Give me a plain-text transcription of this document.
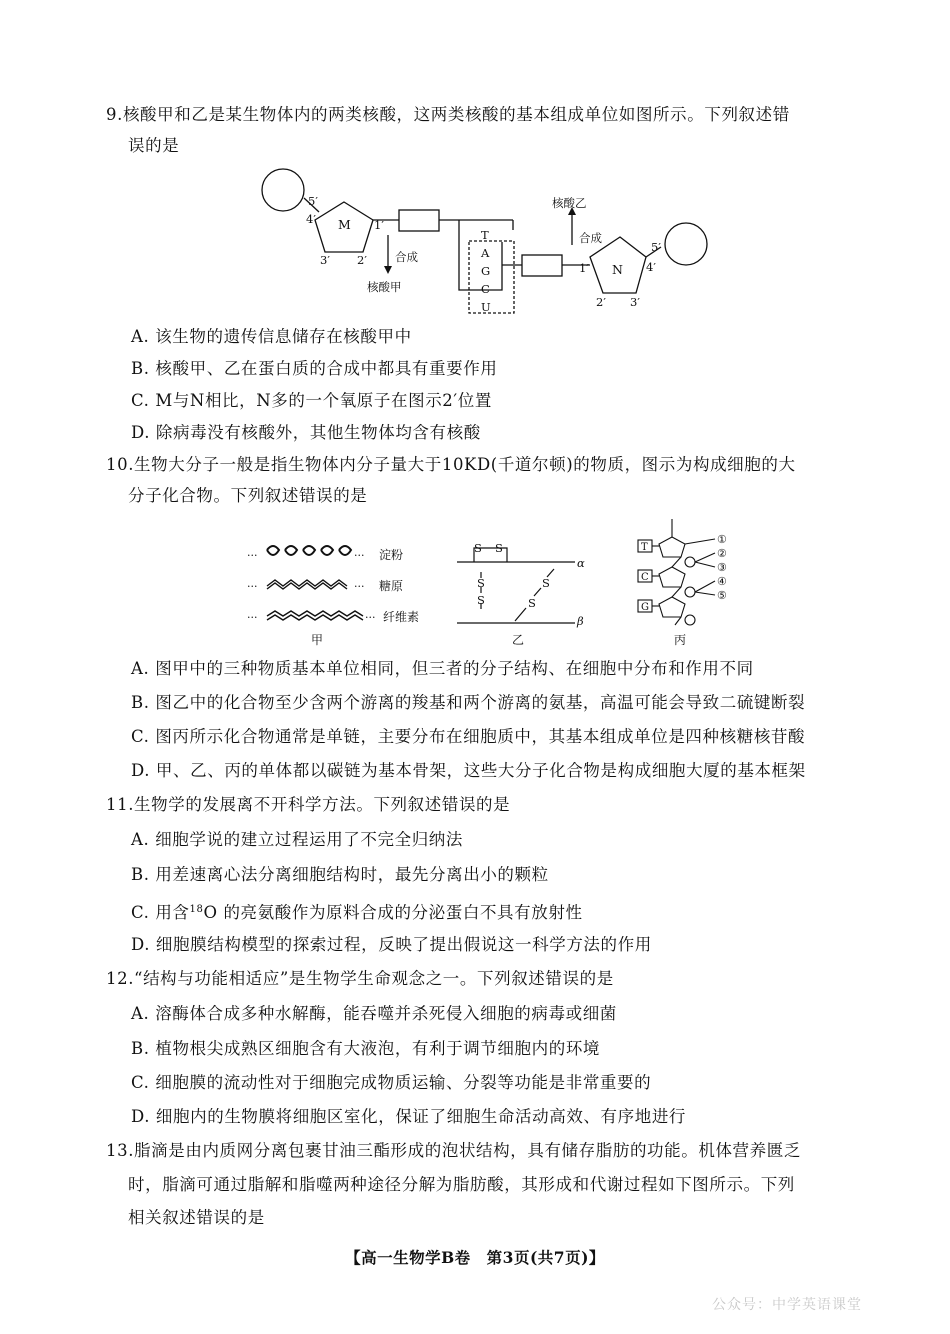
9.核酸甲和乙是某生物体内的两类核酸，这两类核酸的基本组成单位如图所示。下列叙述错
误的是
5′
4′ M 1′
3′ 2′ 合成
核酸甲
T
A
G
C
U
核酸乙
合成
5′
1′ N 4′
2′ 3′
A. 该生物的遗传信息储存在核酸甲中
B. 核酸甲、乙在蛋白质的合成中都具有重要作用
C. M与N相比，N多的一个氧原子在图示2′位置
D. 除病毒没有核酸外，其他生物体均含有核酸
10.生物大分子一般是指生物体内分子量大于10KD(千道尔顿)的物质，图示为构成细胞的大
分子化合物。下列叙述错误的是
···	···
···
···
···	···
淀粉
糖原
纤维素
甲
S S
S
S
S
S
α
β
乙
T
C
G
①
②
③
④
⑤
丙
A. 图甲中的三种物质基本单位相同，但三者的分子结构、在细胞中分布和作用不同
B. 图乙中的化合物至少含两个游离的羧基和两个游离的氨基，高温可能会导致二硫键断裂
C. 图丙所示化合物通常是单链，主要分布在细胞质中，其基本组成单位是四种核糖核苷酸
D. 甲、乙、丙的单体都以碳链为基本骨架，这些大分子化合物是构成细胞大厦的基本框架
11.生物学的发展离不开科学方法。下列叙述错误的是
A. 细胞学说的建立过程运用了不完全归纳法
B. 用差速离心法分离细胞结构时，最先分离出小的颗粒
C. 用含$^{18}$O 的亮氨酸作为原料合成的分泌蛋白不具有放射性
D. 细胞膜结构模型的探索过程，反映了提出假说这一科学方法的作用
12.“结构与功能相适应”是生物学生命观念之一。下列叙述错误的是
A. 溶酶体合成多种水解酶，能吞噬并杀死侵入细胞的病毒或细菌
B. 植物根尖成熟区细胞含有大液泡，有利于调节细胞内的环境
C. 细胞膜的流动性对于细胞完成物质运输、分裂等功能是非常重要的
D. 细胞内的生物膜将细胞区室化，保证了细胞生命活动高效、有序地进行
13.脂滴是由内质网分离包裹甘油三酯形成的泡状结构，具有储存脂肪的功能。机体营养匮乏
时，脂滴可通过脂解和脂噬两种途径分解为脂肪酸，其形成和代谢过程如下图所示。下列
相关叙述错误的是
【高一生物学B卷　第3页(共7页)】
公众号：中学英语课堂
